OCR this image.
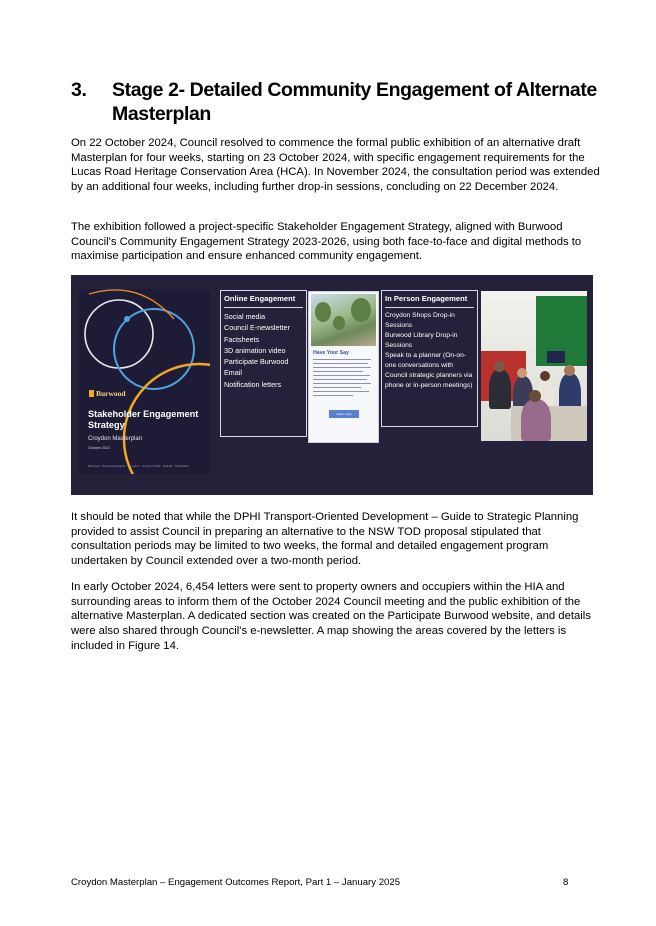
3. Stage 2- Detailed Community Engagement of Alternate Masterplan
On 22 October 2024, Council resolved to commence the formal public exhibition of an alternative draft Masterplan for four weeks, starting on 23 October 2024, with specific engagement requirements for the Lucas Road Heritage Conservation Area (HCA). In November 2024, the consultation period was extended by an additional four weeks, including further drop-in sessions, concluding on 22 December 2024.
The exhibition followed a project-specific Stakeholder Engagement Strategy, aligned with Burwood Council's Community Engagement Strategy 2023-2026, using both face-to-face and digital methods to maximise participation and ensure enhanced community engagement.
Burwood
Stakeholder Engagement Strategy
Croydon Masterplan
October 2024
Burwood · Burwood Heights · Croydon · Croydon Park · Enfield · Strathfield
Online Engagement
Social media
Council E-newsletter
Factsheets
3D animation video
Participate Burwood
Email
Notification letters
Have Your Say
Learn more
In Person Engagement
Croydon Shops Drop-in Sessions
Burwood Library Drop-in Sessions
Speak to a planner (On-on-one conversations with Council strategic planners via phone or in-person meetings)
It should be noted that while the DPHI Transport-Oriented Development – Guide to Strategic Planning provided to assist Council in preparing an alternative to the NSW TOD proposal stipulated that consultation periods may be limited to two weeks, the formal and detailed engagement program undertaken by Council extended over a two-month period.
In early October 2024, 6,454 letters were sent to property owners and occupiers within the HIA and surrounding areas to inform them of the October 2024 Council meeting and the public exhibition of the alternative Masterplan. A dedicated section was created on the Participate Burwood website, and details were also shared through Council's e-newsletter. A map showing the areas covered by the letters is included in Figure 14.
Croydon Masterplan – Engagement Outcomes Report, Part 1 – January 2025	8
